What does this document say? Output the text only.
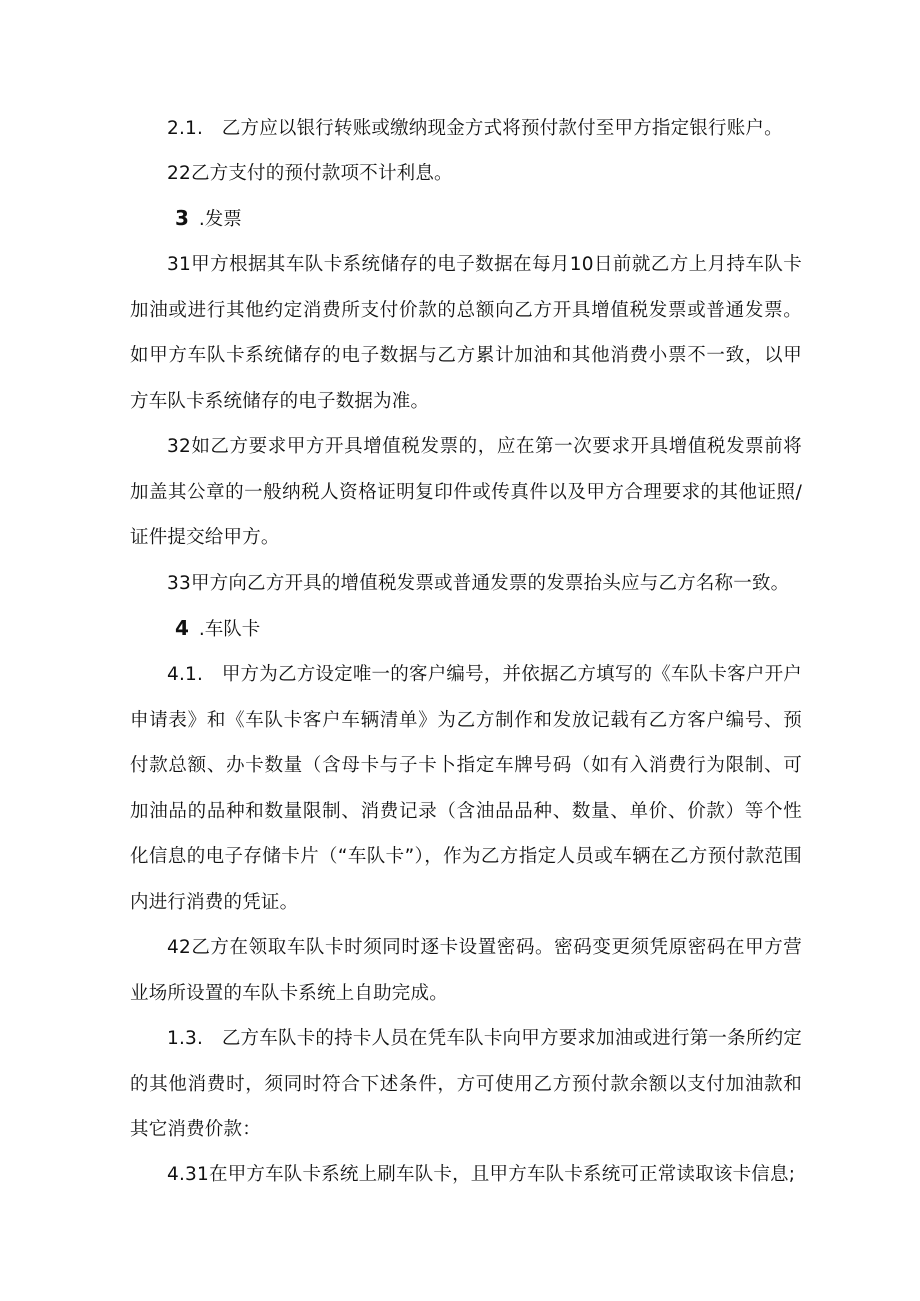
2.1.　乙方应以银行转账或缴纳现金方式将预付款付至甲方指定银行账户。

22乙方支付的预付款项不计利息。

3 .发票

31甲方根据其车队卡系统储存的电子数据在每月10日前就乙方上月持车队卡加油或进行其他约定消费所支付价款的总额向乙方开具增值税发票或普通发票。如甲方车队卡系统储存的电子数据与乙方累计加油和其他消费小票不一致，以甲方车队卡系统储存的电子数据为准。

32如乙方要求甲方开具增值税发票的，应在第一次要求开具增值税发票前将加盖其公章的一般纳税人资格证明复印件或传真件以及甲方合理要求的其他证照/证件提交给甲方。

33甲方向乙方开具的增值税发票或普通发票的发票抬头应与乙方名称一致。

4 .车队卡

4.1.　甲方为乙方设定唯一的客户编号，并依据乙方填写的《车队卡客户开户申请表》和《车队卡客户车辆清单》为乙方制作和发放记载有乙方客户编号、预付款总额、办卡数量（含母卡与子卡卜指定车牌号码（如有入消费行为限制、可加油品的品种和数量限制、消费记录（含油品品种、数量、单价、价款）等个性化信息的电子存储卡片（“车队卡”），作为乙方指定人员或车辆在乙方预付款范围内进行消费的凭证。

42乙方在领取车队卡时须同时逐卡设置密码。密码变更须凭原密码在甲方营业场所设置的车队卡系统上自助完成。

1.3.　乙方车队卡的持卡人员在凭车队卡向甲方要求加油或进行第一条所约定的其他消费时，须同时符合下述条件，方可使用乙方预付款余额以支付加油款和其它消费价款：

4.31在甲方车队卡系统上刷车队卡，且甲方车队卡系统可正常读取该卡信息;
